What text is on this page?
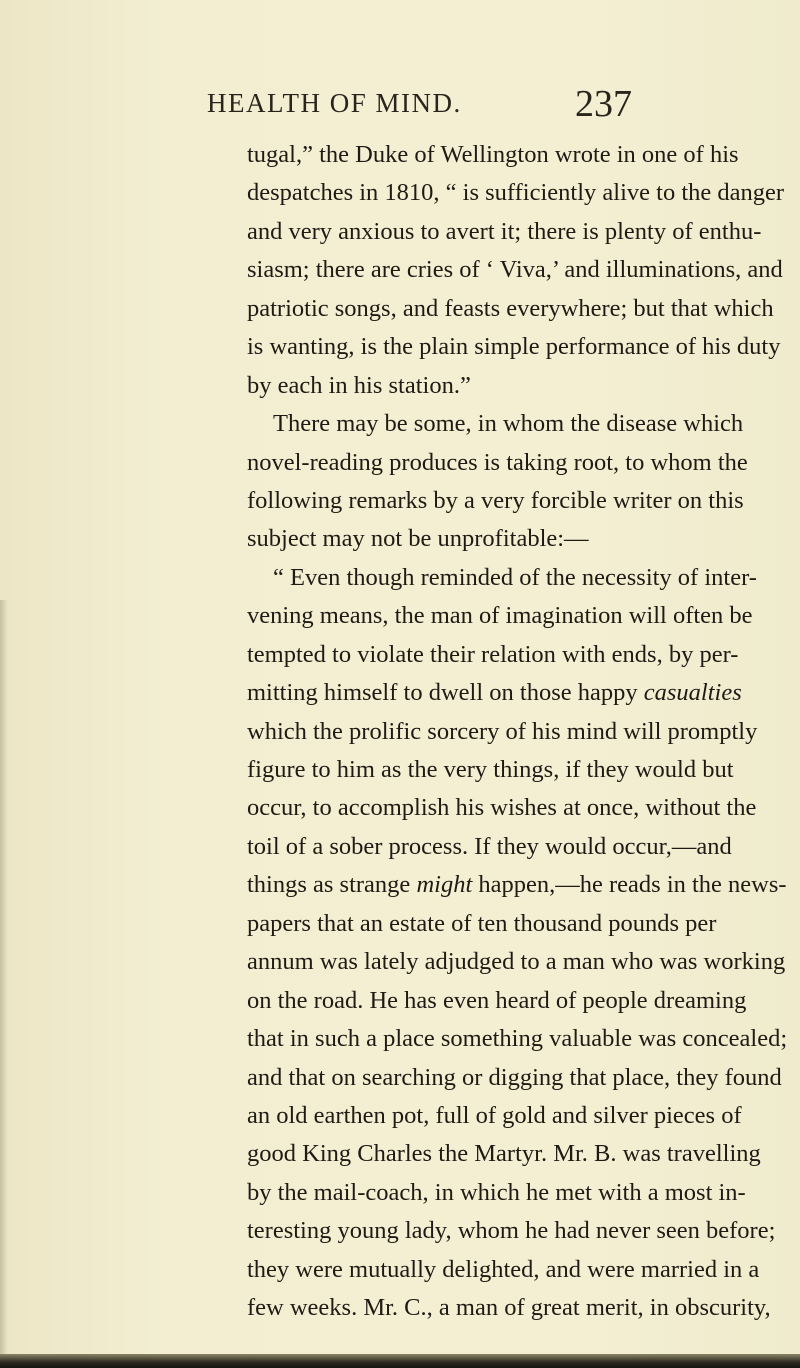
HEALTH OF MIND.	237
tugal,” the Duke of Wellington wrote in one of his
despatches in 1810, “ is sufficiently alive to the danger
and very anxious to avert it; there is plenty of enthu-
siasm; there are cries of ‘ Viva,’ and illuminations, and
patriotic songs, and feasts everywhere; but that which
is wanting, is the plain simple performance of his duty
by each in his station.”
There may be some, in whom the disease which
novel-reading produces is taking root, to whom the
following remarks by a very forcible writer on this
subject may not be unprofitable:—
“ Even though reminded of the necessity of inter-
vening means, the man of imagination will often be
tempted to violate their relation with ends, by per-
mitting himself to dwell on those happy casualties
which the prolific sorcery of his mind will promptly
figure to him as the very things, if they would but
occur, to accomplish his wishes at once, without the
toil of a sober process. If they would occur,—and
things as strange might happen,—he reads in the news-
papers that an estate of ten thousand pounds per
annum was lately adjudged to a man who was working
on the road. He has even heard of people dreaming
that in such a place something valuable was concealed;
and that on searching or digging that place, they found
an old earthen pot, full of gold and silver pieces of
good King Charles the Martyr. Mr. B. was travelling
by the mail-coach, in which he met with a most in-
teresting young lady, whom he had never seen before;
they were mutually delighted, and were married in a
few weeks. Mr. C., a man of great merit, in obscurity,
